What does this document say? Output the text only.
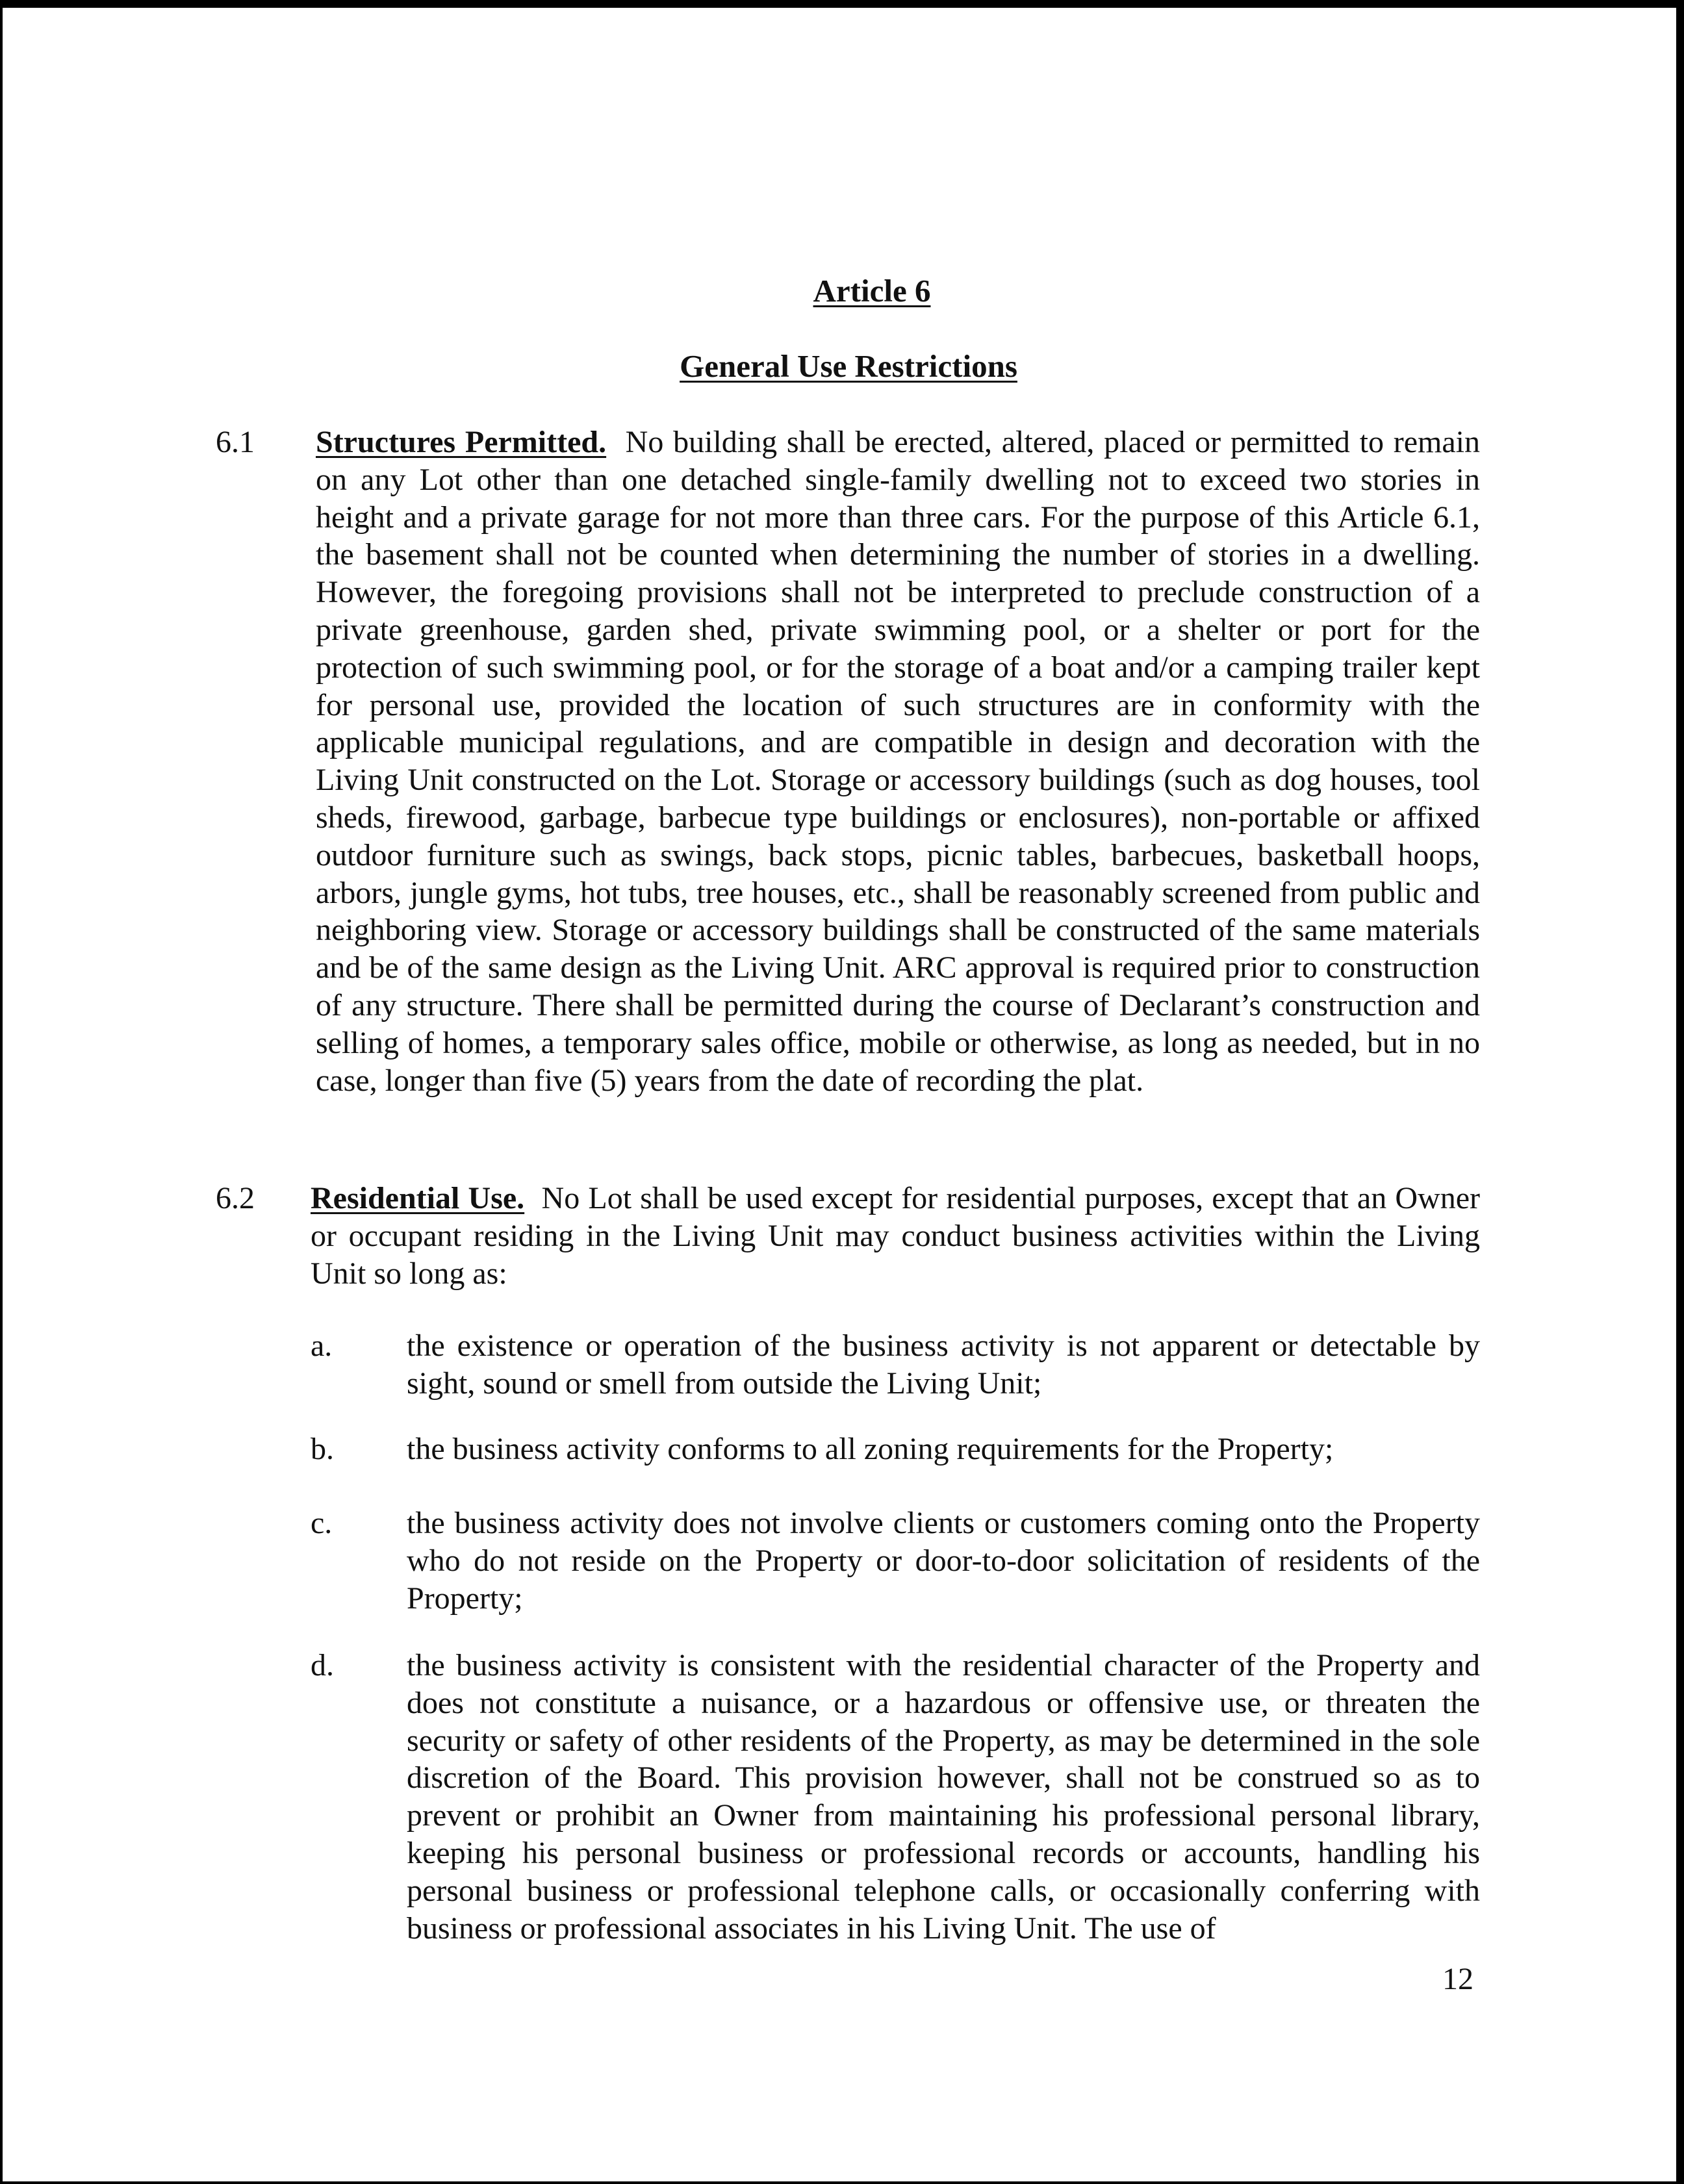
Article 6
General Use Restrictions
6.1 Structures Permitted. No building shall be erected, altered, placed or permitted to remain on any Lot other than one detached single-family dwelling not to exceed two stories in height and a private garage for not more than three cars. For the purpose of this Article 6.1, the basement shall not be counted when determining the number of stories in a dwelling. However, the foregoing provisions shall not be interpreted to preclude construction of a private greenhouse, garden shed, private swimming pool, or a shelter or port for the protection of such swimming pool, or for the storage of a boat and/or a camping trailer kept for personal use, provided the location of such structures are in conformity with the applicable municipal regulations, and are compatible in design and decoration with the Living Unit constructed on the Lot. Storage or accessory buildings (such as dog houses, tool sheds, firewood, garbage, barbecue type buildings or enclosures), non-portable or affixed outdoor furniture such as swings, back stops, picnic tables, barbecues, basketball hoops, arbors, jungle gyms, hot tubs, tree houses, etc., shall be reasonably screened from public and neighboring view. Storage or accessory buildings shall be constructed of the same materials and be of the same design as the Living Unit. ARC approval is required prior to construction of any structure. There shall be permitted during the course of Declarant’s construction and selling of homes, a temporary sales office, mobile or otherwise, as long as needed, but in no case, longer than five (5) years from the date of recording the plat.
6.2 Residential Use. No Lot shall be used except for residential purposes, except that an Owner or occupant residing in the Living Unit may conduct business activities within the Living Unit so long as:
a. the existence or operation of the business activity is not apparent or detectable by sight, sound or smell from outside the Living Unit;
b. the business activity conforms to all zoning requirements for the Property;
c. the business activity does not involve clients or customers coming onto the Property who do not reside on the Property or door-to-door solicitation of residents of the Property;
d. the business activity is consistent with the residential character of the Property and does not constitute a nuisance, or a hazardous or offensive use, or threaten the security or safety of other residents of the Property, as may be determined in the sole discretion of the Board. This provision however, shall not be construed so as to prevent or prohibit an Owner from maintaining his professional personal library, keeping his personal business or professional records or accounts, handling his personal business or professional telephone calls, or occasionally conferring with business or professional associates in his Living Unit. The use of
12
